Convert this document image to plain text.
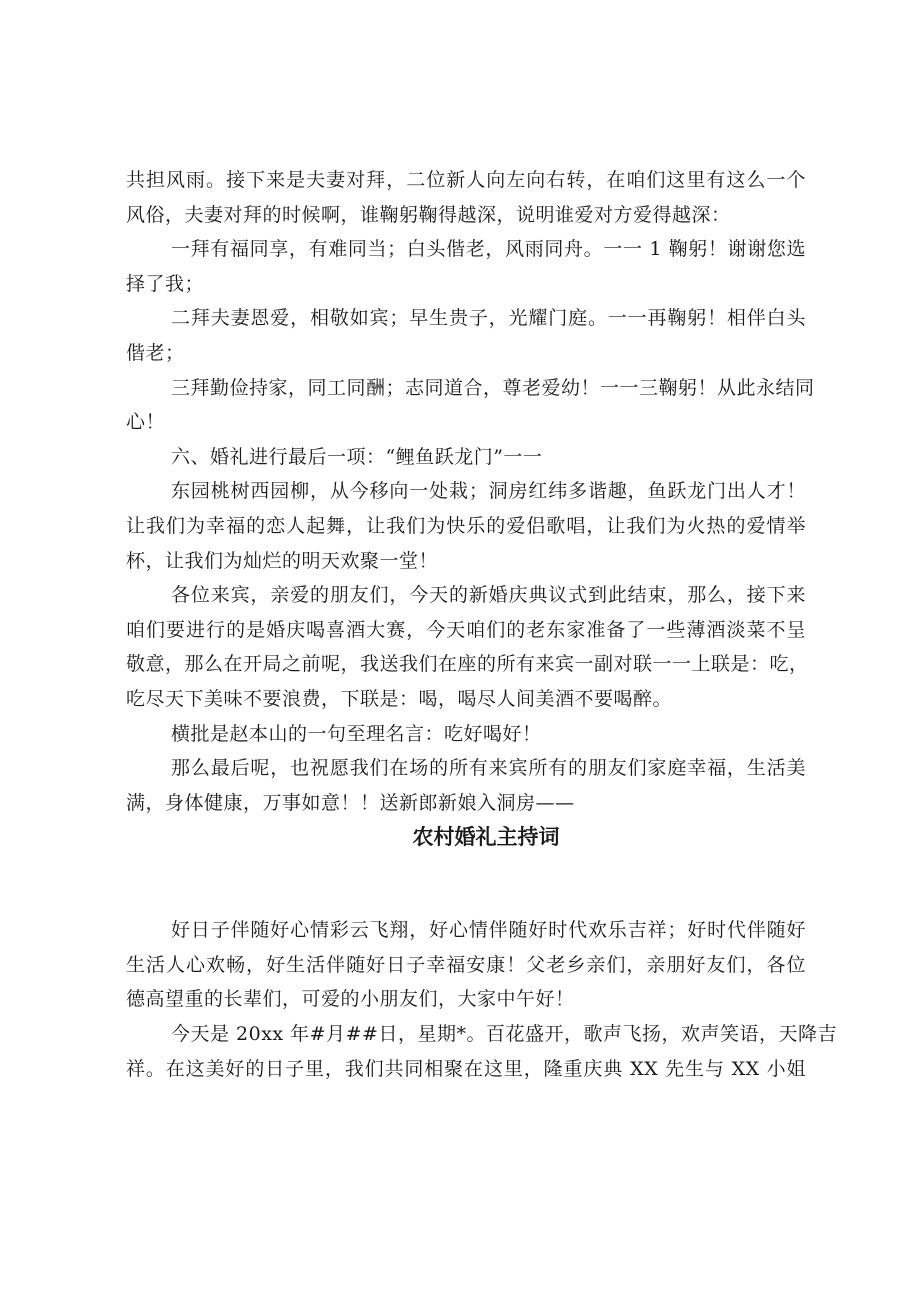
共担风雨。接下来是夫妻对拜，二位新人向左向右转，在咱们这里有这么一个
风俗，夫妻对拜的时候啊，谁鞠躬鞠得越深，说明谁爱对方爱得越深：
一拜有福同享，有难同当；白头偕老，风雨同舟。一一 1 鞠躬！谢谢您选
择了我；
二拜夫妻恩爱，相敬如宾；早生贵子，光耀门庭。一一再鞠躬！相伴白头
偕老；
三拜勤俭持家，同工同酬；志同道合，尊老爱幼！一一三鞠躬！从此永结同
心！
六、婚礼进行最后一项：“鲤鱼跃龙门”一一
东园桃树西园柳，从今移向一处栽；洞房红纬多谐趣，鱼跃龙门出人才！
让我们为幸福的恋人起舞，让我们为快乐的爱侣歌唱，让我们为火热的爱情举
杯，让我们为灿烂的明天欢聚一堂！
各位来宾，亲爱的朋友们，今天的新婚庆典议式到此结束，那么，接下来
咱们要进行的是婚庆喝喜酒大赛，今天咱们的老东家准备了一些薄酒淡菜不呈
敬意，那么在开局之前呢，我送我们在座的所有来宾一副对联一一上联是：吃，
吃尽天下美味不要浪费，下联是：喝，喝尽人间美酒不要喝醉。
横批是赵本山的一句至理名言：吃好喝好！
那么最后呢，也祝愿我们在场的所有来宾所有的朋友们家庭幸福，生活美
满，身体健康，万事如意！！送新郎新娘入洞房——
农村婚礼主持词
好日子伴随好心情彩云飞翔，好心情伴随好时代欢乐吉祥；好时代伴随好
生活人心欢畅，好生活伴随好日子幸福安康！父老乡亲们，亲朋好友们，各位
德高望重的长辈们，可爱的小朋友们，大家中午好！
今天是 20xx 年#月##日，星期*。百花盛开，歌声飞扬，欢声笑语，天降吉
祥。在这美好的日子里，我们共同相聚在这里，隆重庆典 XX 先生与 XX 小姐
